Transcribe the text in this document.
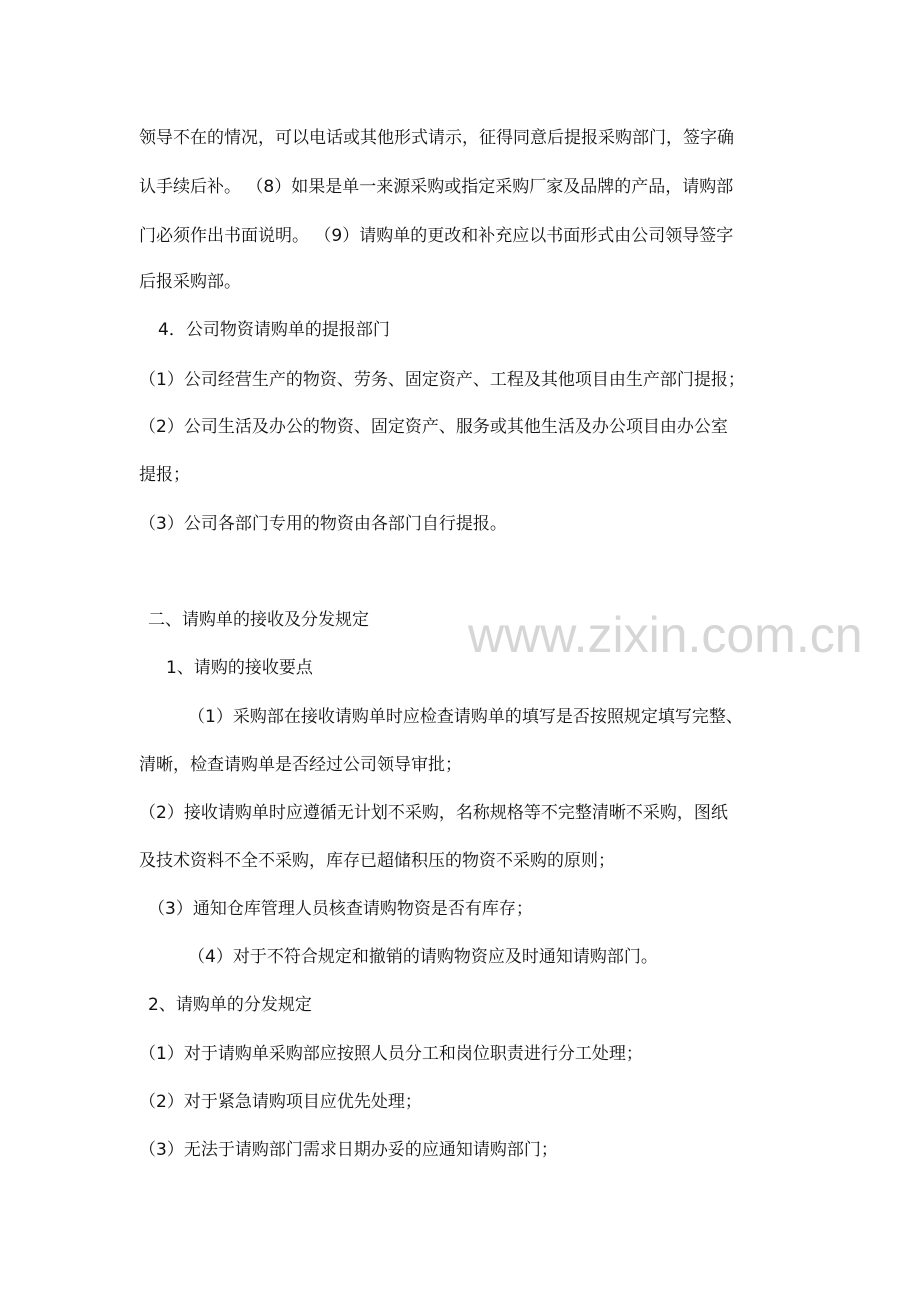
www.zixin.com.cn
领导不在的情况，可以电话或其他形式请示，征得同意后提报采购部门，签字确
认手续后补。 （8）如果是单一来源采购或指定采购厂家及品牌的产品，请购部
门必须作出书面说明。 （9）请购单的更改和补充应以书面形式由公司领导签字
后报采购部。
4．公司物资请购单的提报部门
（1）公司经营生产的物资、劳务、固定资产、工程及其他项目由生产部门提报；
（2）公司生活及办公的物资、固定资产、服务或其他生活及办公项目由办公室
提报；
（3）公司各部门专用的物资由各部门自行提报。
二、请购单的接收及分发规定
1、请购的接收要点
（1）采购部在接收请购单时应检查请购单的填写是否按照规定填写完整、
清晰，检查请购单是否经过公司领导审批；
（2）接收请购单时应遵循无计划不采购，名称规格等不完整清晰不采购，图纸
及技术资料不全不采购，库存已超储积压的物资不采购的原则；
（3）通知仓库管理人员核查请购物资是否有库存；
（4）对于不符合规定和撤销的请购物资应及时通知请购部门。
2、请购单的分发规定
（1）对于请购单采购部应按照人员分工和岗位职责进行分工处理；
（2）对于紧急请购项目应优先处理；
（3）无法于请购部门需求日期办妥的应通知请购部门；
